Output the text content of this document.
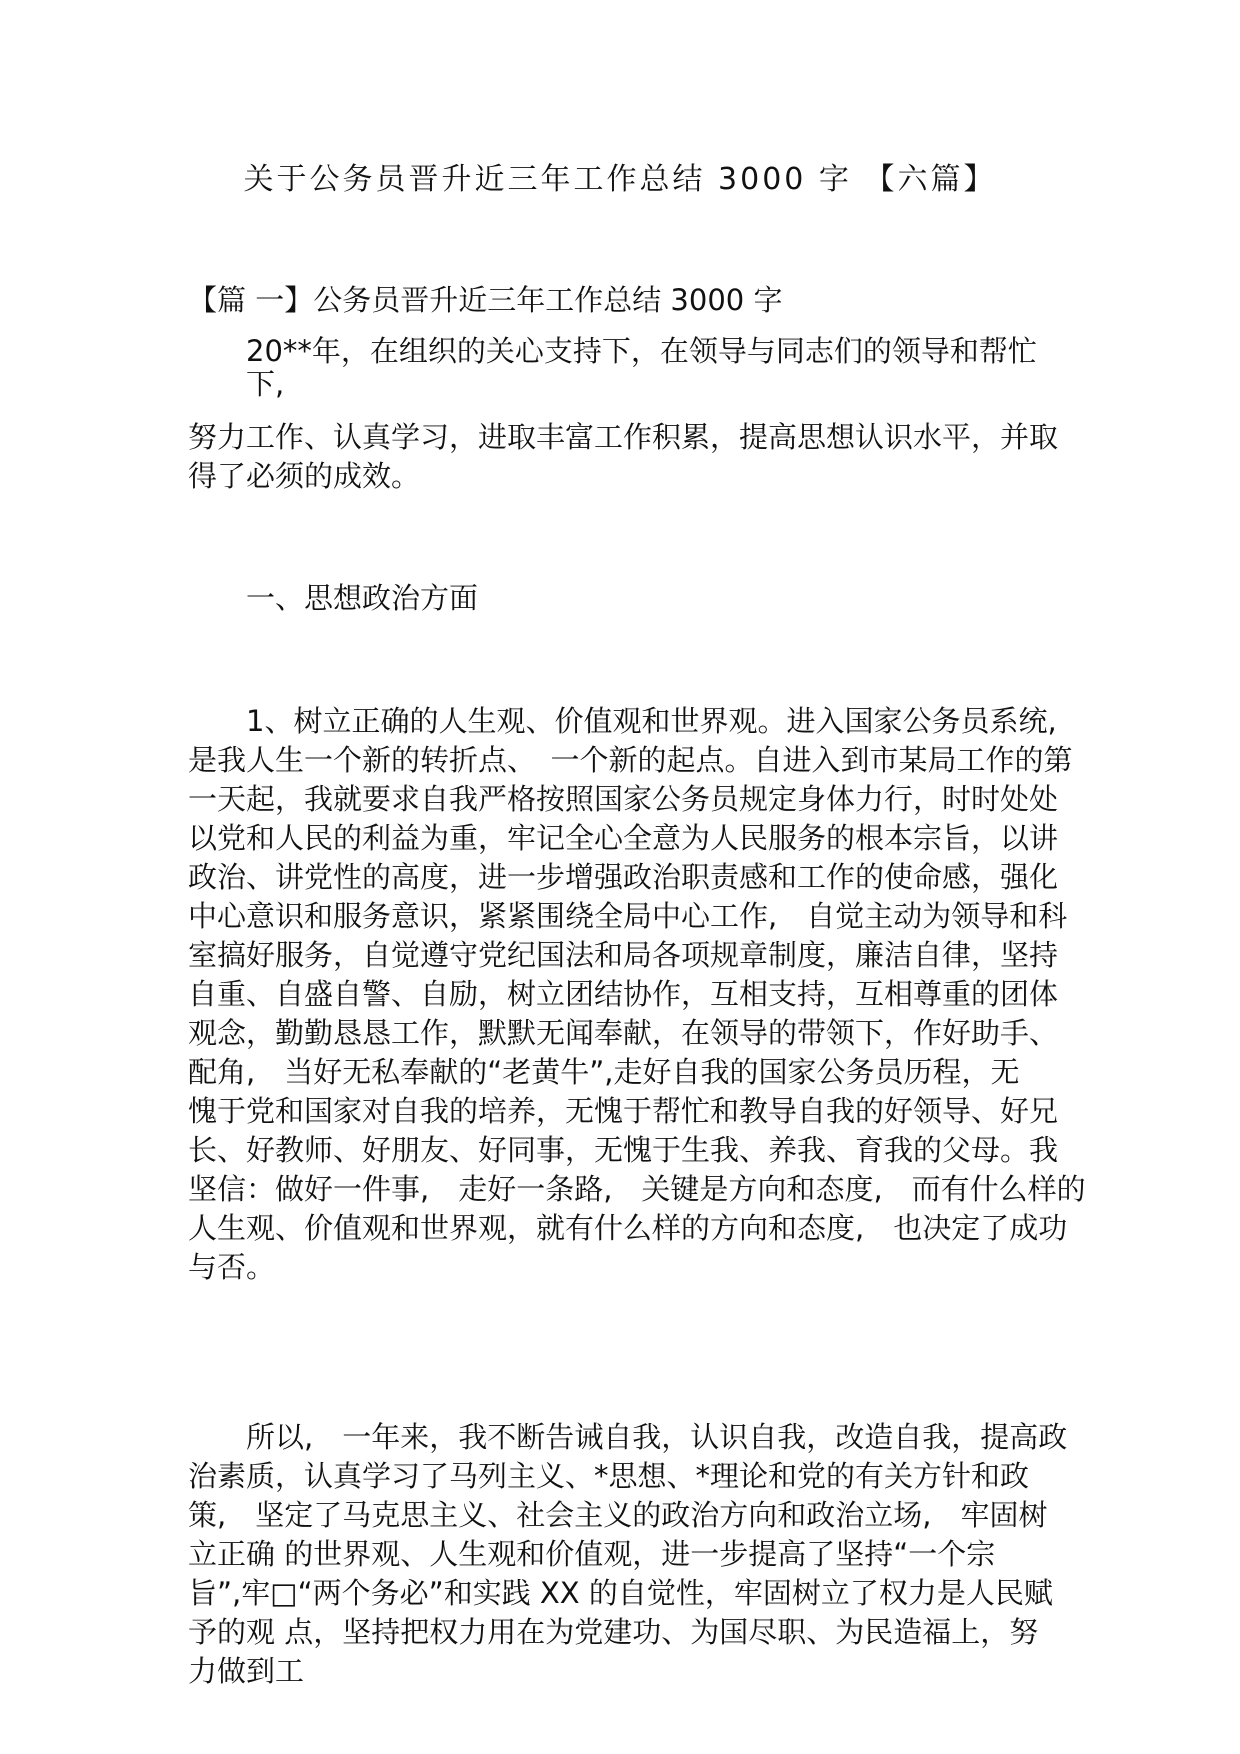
关于公务员晋升近三年工作总结 3000 字 【六篇】
【篇 一】公务员晋升近三年工作总结 3000 字
20**年，在组织的关心支持下，在领导与同志们的领导和帮忙
下,
努力工作、认真学习，进取丰富工作积累，提高思想认识水平，并取
得了必须的成效。
一、思想政治方面
1、树立正确的人生观、价值观和世界观。进入国家公务员系统,
是我人生一个新的转折点、　一个新的起点。自进入到市某局工作的第
一天起，我就要求自我严格按照国家公务员规定身体力行，时时处处
以党和人民的利益为重，牢记全心全意为人民服务的根本宗旨，以讲
政治、讲党性的高度，进一步增强政治职责感和工作的使命感，强化
中心意识和服务意识，紧紧围绕全局中心工作,　自觉主动为领导和科
室搞好服务，自觉遵守党纪国法和局各项规章制度，廉洁自律，坚持
自重、自盛自警、自励，树立团结协作，互相支持，互相尊重的团体
观念，勤勤恳恳工作，默默无闻奉献，在领导的带领下，作好助手、
配角,　当好无私奉献的“老黄牛”,走好自我的国家公务员历程，无
愧于党和国家对自我的培养，无愧于帮忙和教导自我的好领导、好兄
长、好教师、好朋友、好同事，无愧于生我、养我、育我的父母。我
坚信：做好一件事,　走好一条路,　关键是方向和态度,　而有什么样的
人生观、价值观和世界观，就有什么样的方向和态度,　也决定了成功
与否。
所以,　一年来，我不断告诫自我，认识自我，改造自我，提高政
治素质，认真学习了马列主义、*思想、*理论和党的有关方针和政
策,　坚定了马克思主义、社会主义的政治方向和政治立场,　牢固树
立正确 的世界观、人生观和价值观，进一步提高了坚持“一个宗
旨”,牢□“两个务必”和实践 XX 的自觉性，牢固树立了权力是人民赋
予的观 点，坚持把权力用在为党建功、为国尽职、为民造福上，努
力做到工
